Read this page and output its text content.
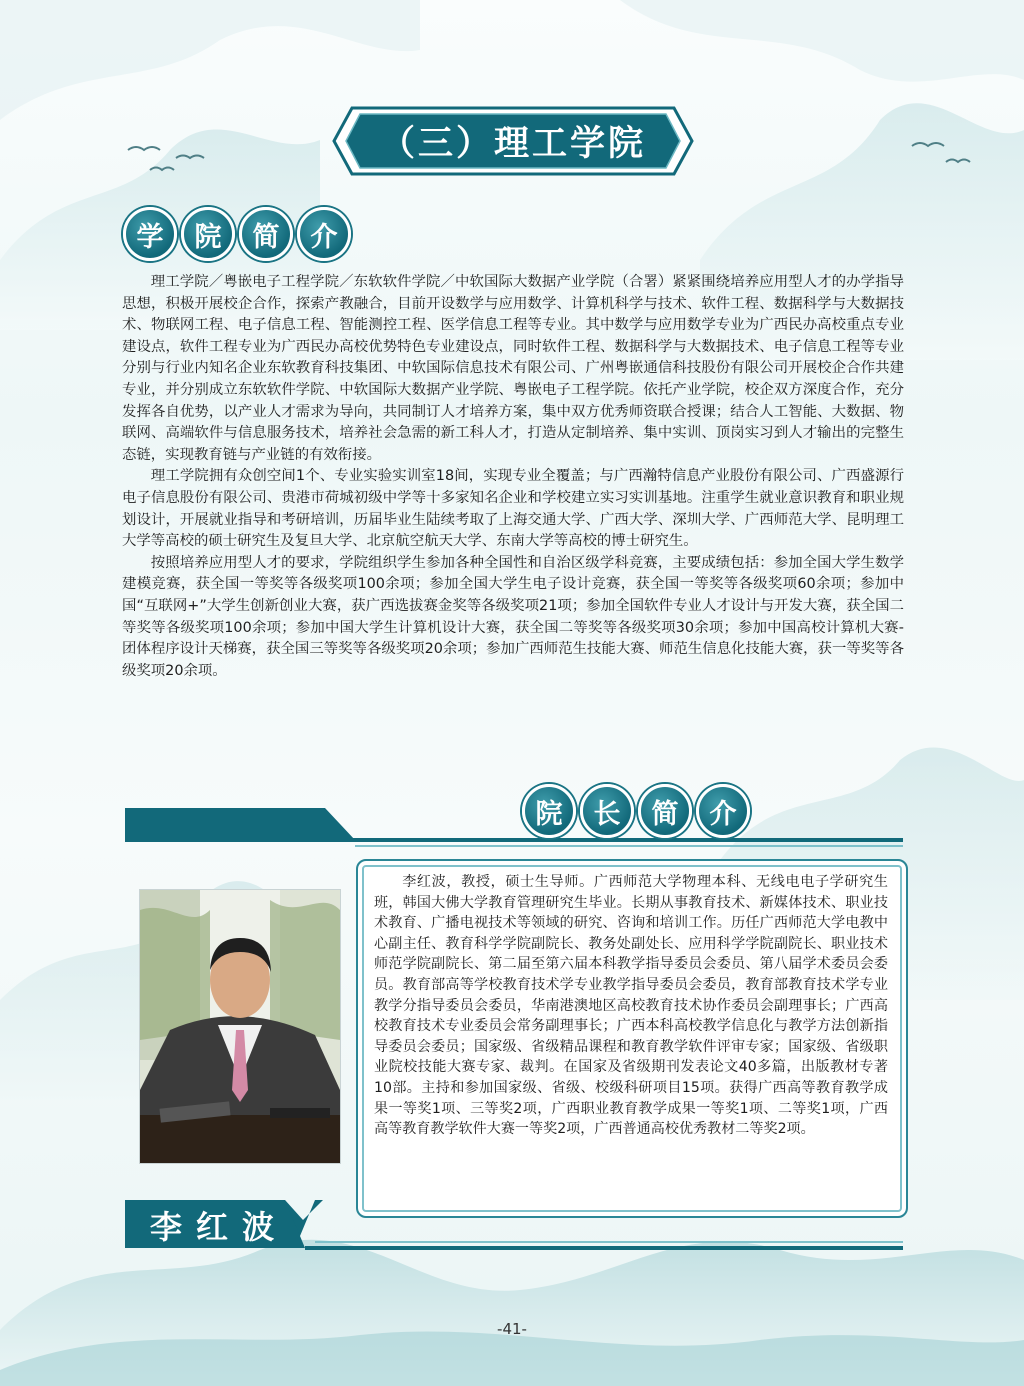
（三）理工学院
学	院	简	介

理工学院／粤嵌电子工程学院／东软软件学院／中软国际大数据产业学院（合署）紧紧围绕培养应用型人才的办学指导思想，积极开展校企合作，探索产教融合，目前开设数学与应用数学、计算机科学与技术、软件工程、数据科学与大数据技术、物联网工程、电子信息工程、智能测控工程、医学信息工程等专业。其中数学与应用数学专业为广西民办高校重点专业建设点，软件工程专业为广西民办高校优势特色专业建设点，同时软件工程、数据科学与大数据技术、电子信息工程等专业分别与行业内知名企业东软教育科技集团、中软国际信息技术有限公司、广州粤嵌通信科技股份有限公司开展校企合作共建专业，并分别成立东软软件学院、中软国际大数据产业学院、粤嵌电子工程学院。依托产业学院，校企双方深度合作，充分发挥各自优势，以产业人才需求为导向，共同制订人才培养方案，集中双方优秀师资联合授课；结合人工智能、大数据、物联网、高端软件与信息服务技术，培养社会急需的新工科人才，打造从定制培养、集中实训、顶岗实习到人才输出的完整生态链，实现教育链与产业链的有效衔接。

理工学院拥有众创空间1个、专业实验实训室18间，实现专业全覆盖；与广西瀚特信息产业股份有限公司、广西盛源行电子信息股份有限公司、贵港市荷城初级中学等十多家知名企业和学校建立实习实训基地。注重学生就业意识教育和职业规划设计，开展就业指导和考研培训，历届毕业生陆续考取了上海交通大学、广西大学、深圳大学、广西师范大学、昆明理工大学等高校的硕士研究生及复旦大学、北京航空航天大学、东南大学等高校的博士研究生。

按照培养应用型人才的要求，学院组织学生参加各种全国性和自治区级学科竞赛，主要成绩包括：参加全国大学生数学建模竞赛，获全国一等奖等各级奖项100余项；参加全国大学生电子设计竞赛，获全国一等奖等各级奖项60余项；参加中国“互联网+”大学生创新创业大赛，获广西选拔赛金奖等各级奖项21项；参加全国软件专业人才设计与开发大赛，获全国二等奖等各级奖项100余项；参加中国大学生计算机设计大赛，获全国二等奖等各级奖项30余项；参加中国高校计算机大赛-团体程序设计天梯赛，获全国三等奖等各级奖项20余项；参加广西师范生技能大赛、师范生信息化技能大赛，获一等奖等各级奖项20余项。

院	长	简	介

李红波，教授，硕士生导师。广西师范大学物理本科、无线电电子学研究生班，韩国大佛大学教育管理研究生毕业。长期从事教育技术、新媒体技术、职业技术教育、广播电视技术等领域的研究、咨询和培训工作。历任广西师范大学电教中心副主任、教育科学学院副院长、教务处副处长、应用科学学院副院长、职业技术师范学院副院长、第二届至第六届本科教学指导委员会委员、第八届学术委员会委员。教育部高等学校教育技术学专业教学指导委员会委员，教育部教育技术学专业教学分指导委员会委员，华南港澳地区高校教育技术协作委员会副理事长；广西高校教育技术专业委员会常务副理事长；广西本科高校教学信息化与教学方法创新指导委员会委员；国家级、省级精品课程和教育教学软件评审专家；国家级、省级职业院校技能大赛专家、裁判。在国家及省级期刊发表论文40多篇，出版教材专著10部。主持和参加国家级、省级、校级科研项目15项。获得广西高等教育教学成果一等奖1项、三等奖2项，广西职业教育教学成果一等奖1项、二等奖1项，广西高等教育教学软件大赛一等奖2项，广西普通高校优秀教材二等奖2项。

李红波
-41-
